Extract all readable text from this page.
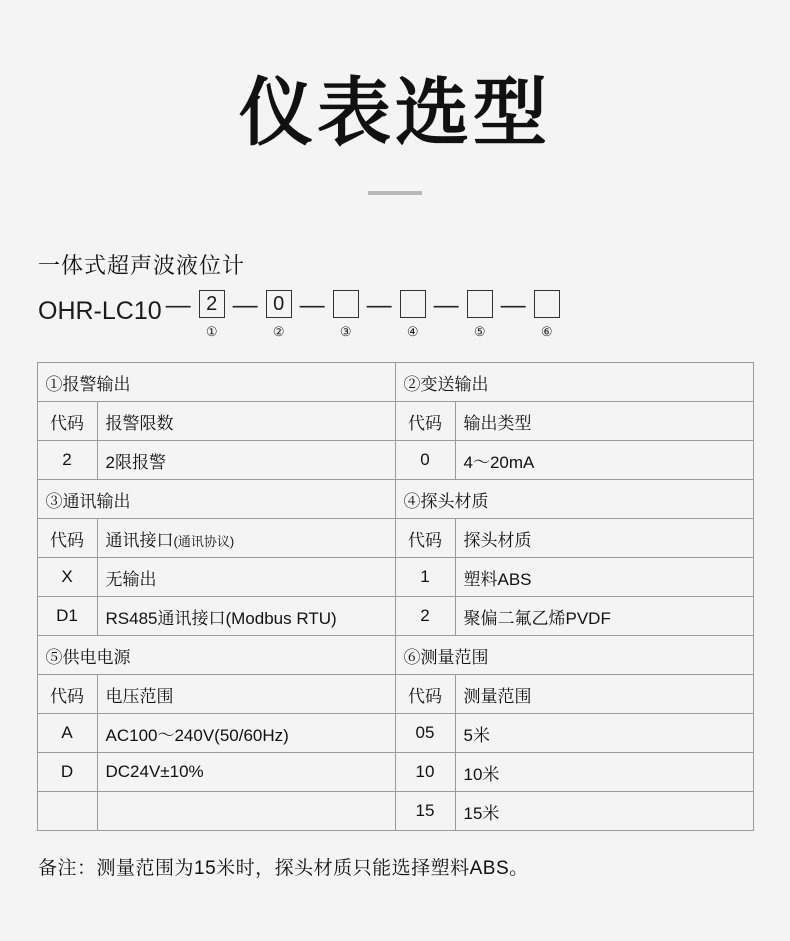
仪表选型
一体式超声波液位计
OHR-LC10 — 2
①
— 0
②
—
③
—
④
—
⑤
—
⑥
①报警输出		②变送输出	
代码	报警限数	代码	输出类型
2	2限报警	0	4～20mA
③通讯输出		④探头材质	
代码	通讯接口(通讯协议)	代码	探头材质
X	无输出	1	塑料ABS
D1	RS485通讯接口(Modbus RTU)	2	聚偏二氟乙烯PVDF
⑤供电电源		⑥测量范围	
代码	电压范围	代码	测量范围
A	AC100～240V(50/60Hz)	05	5米
D	DC24V±10%	10	10米
		15	15米
备注：测量范围为15米时，探头材质只能选择塑料ABS。
